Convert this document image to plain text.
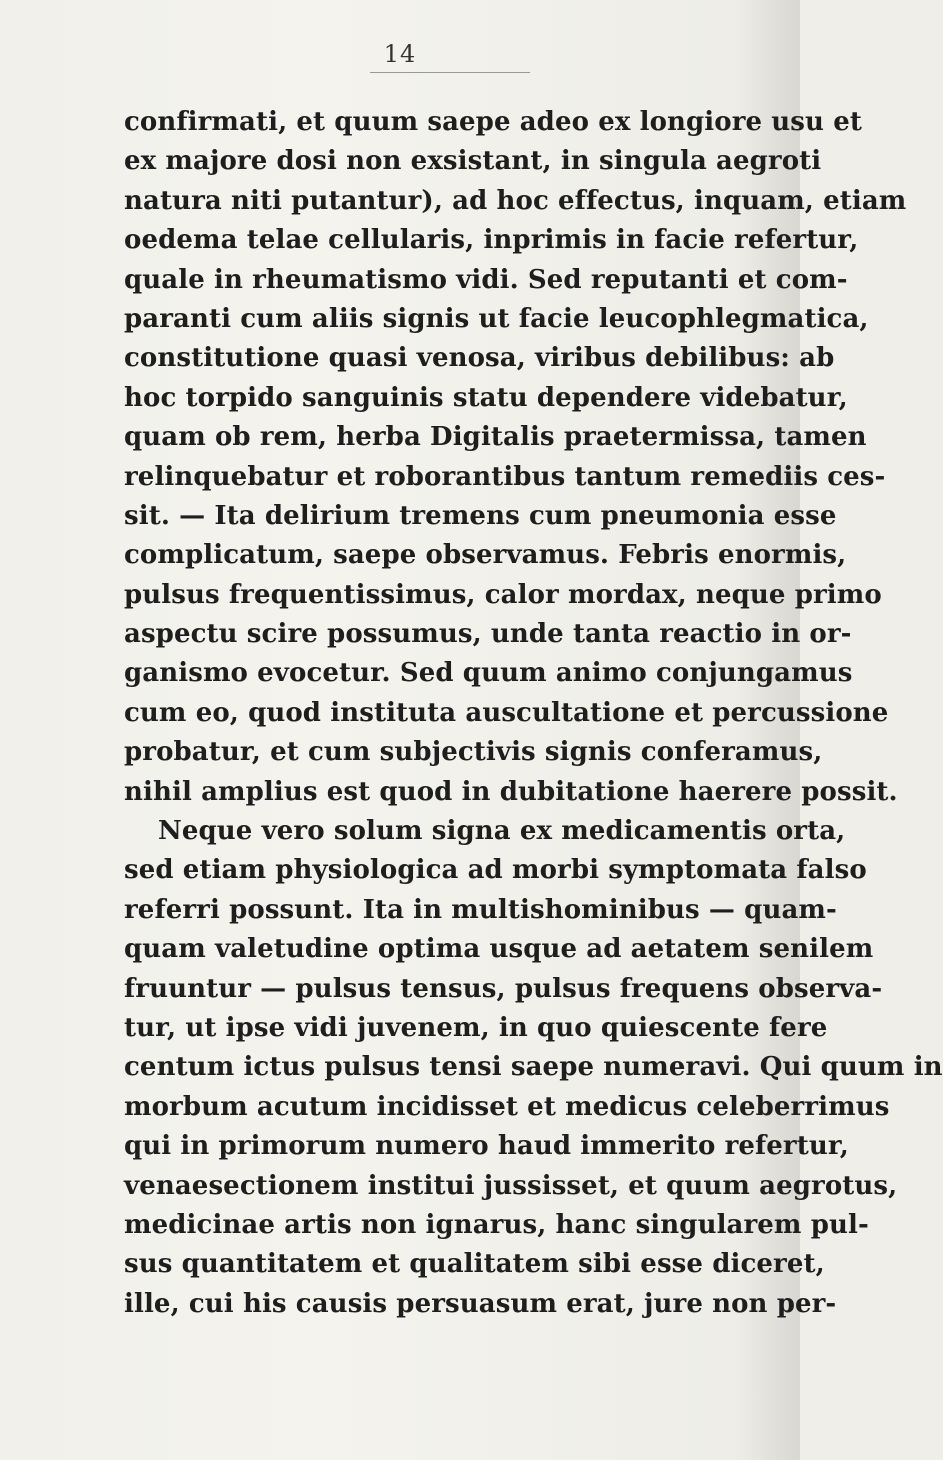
14
confirmati, et quum saepe adeo ex longiore usu et
ex majore dosi non exsistant, in singula aegroti
natura niti putantur), ad hoc effectus, inquam, etiam
oedema telae cellularis, inprimis in facie refertur,
quale in rheumatismo vidi. Sed reputanti et com-
paranti cum aliis signis ut facie leucophlegmatica,
constitutione quasi venosa, viribus debilibus: ab
hoc torpido sanguinis statu dependere videbatur,
quam ob rem, herba Digitalis praetermissa, tamen
relinquebatur et roborantibus tantum remediis ces-
sit. — Ita delirium tremens cum pneumonia esse
complicatum, saepe observamus. Febris enormis,
pulsus frequentissimus, calor mordax, neque primo
aspectu scire possumus, unde tanta reactio in or-
ganismo evocetur. Sed quum animo conjungamus
cum eo, quod instituta auscultatione et percussione
probatur, et cum subjectivis signis conferamus,
nihil amplius est quod in dubitatione haerere possit.
Neque vero solum signa ex medicamentis orta,
sed etiam physiologica ad morbi symptomata falso
referri possunt. Ita in multishominibus — quam-
quam valetudine optima usque ad aetatem senilem
fruuntur — pulsus tensus, pulsus frequens observa-
tur, ut ipse vidi juvenem, in quo quiescente fere
centum ictus pulsus tensi saepe numeravi. Qui quum in
morbum acutum incidisset et medicus celeberrimus
qui in primorum numero haud immerito refertur,
venaesectionem institui jussisset, et quum aegrotus,
medicinae artis non ignarus, hanc singularem pul-
sus quantitatem et qualitatem sibi esse diceret,
ille, cui his causis persuasum erat, jure non per-
